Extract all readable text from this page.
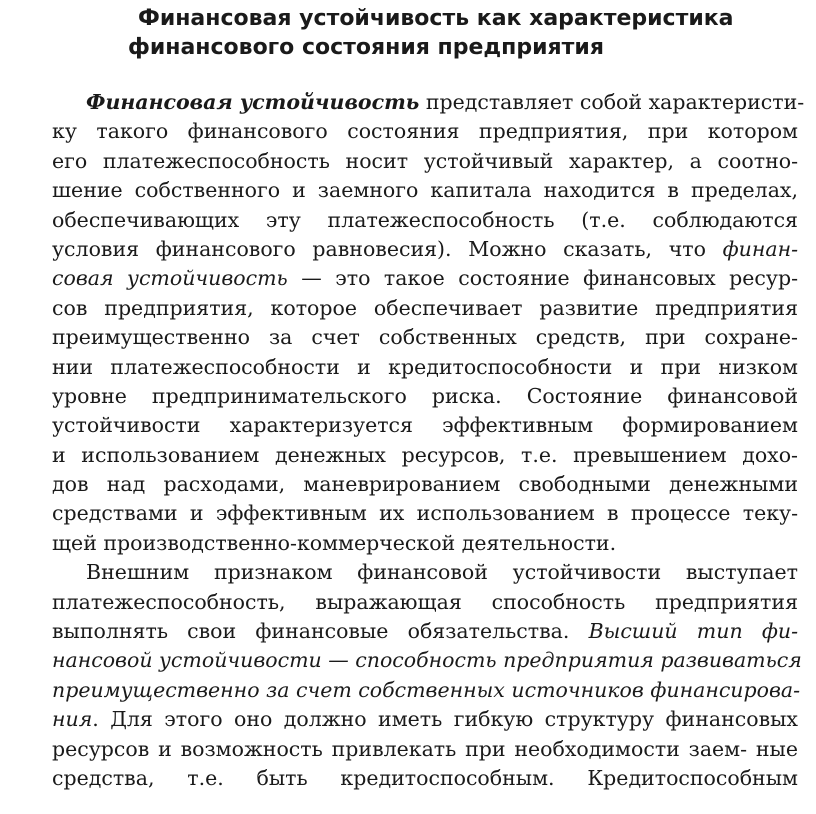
Финансовая устойчивость как характеристика
финансового состояния предприятия
Финансовая устойчивость представляет собой характеристи-
ку такого финансового состояния предприятия, при котором
его платежеспособность носит устойчивый характер, а соотно-
шение собственного и заемного капитала находится в пределах,
обеспечивающих эту платежеспособность (т.е. соблюдаются
условия финансового равновесия). Можно сказать, что финан-
совая устойчивость — это такое состояние финансовых ресур-
сов предприятия, которое обеспечивает развитие предприятия
преимущественно за счет собственных средств, при сохране-
нии платежеспособности и кредитоспособности и при низком
уровне предпринимательского риска. Состояние финансовой
устойчивости характеризуется эффективным формированием
и использованием денежных ресурсов, т.е. превышением дохо-
дов над расходами, маневрированием свободными денежными
средствами и эффективным их использованием в процессе теку-
щей производственно-коммерческой деятельности.
Внешним признаком финансовой устойчивости выступает
платежеспособность, выражающая способность предприятия
выполнять свои финансовые обязательства. Высший тип фи-
нансовой устойчивости — способность предприятия развиваться
преимущественно за счет собственных источников финансирова-
ния. Для этого оно должно иметь гибкую структуру финансовых
ресурсов и возможность привлекать при необходимости заем- ные
средства, т.е. быть кредитоспособным. Кредитоспособным
